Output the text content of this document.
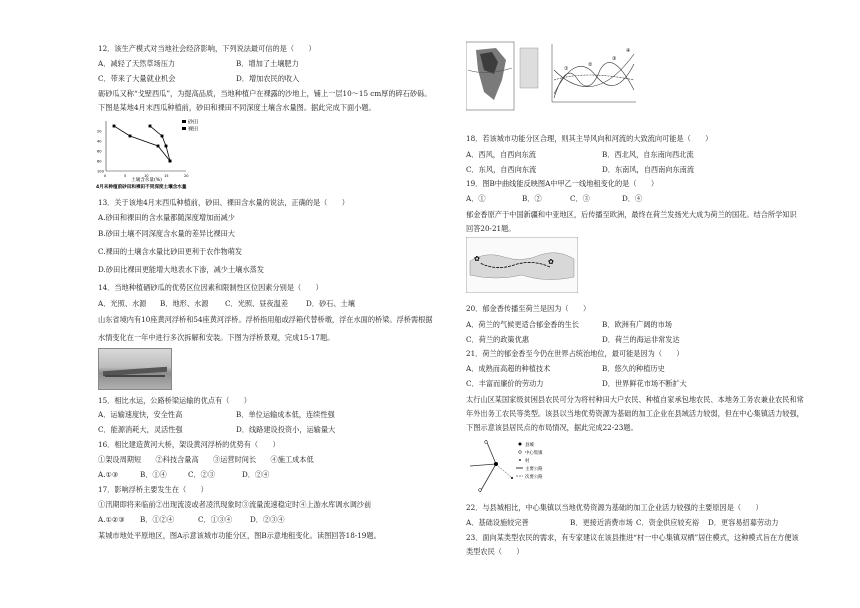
12．该生产模式对当地社会经济影响，下列说法最可信的是（　　）
A．减轻了天然草场压力	B．增加了土壤肥力
C．带来了大量就业机会	D．增加农民的收入
砺砂瓜又称“戈壁西瓜”，为提高品质，当地种植户在裸露的沙地上，铺上一层10～15 cm厚的碎石砂砾。
下图是某地4月末西瓜种植前，砂田和裸田不同深度土壤含水量图。据此完成下面小题。
20
40
60
80
100
0	5	10	15	20
砂田
裸田
土壤含水量(%)
4月末种植前砂田和裸田不同深度土壤含水量
13．关于该地4月末西瓜种植前，砂田、裸田含水量的说法，正确的是（　　）
A.砂田和裸田的含水量都随深度增加而减少
B.砂田土壤不同深度含水量的差异比裸田大
C.裸田的土壤含水量比砂田更利于农作物萌发
D.砂田比裸田更能增大地表水下渗，减少土壤水蒸发
14．当地种植硒砂瓜的优势区位因素和限制性区位因素分别是（　　）
A．光照、水源 B．地形、水源 C．光照、昼夜温差 D．砂石、土壤
山东省境内有10座黄河浮桥和54座黄河浮桥。浮桥指用船或浮箱代替桥墩，浮在水面的桥梁。浮桥需根据
水情变化在一年中进行多次拆解和安装。下图为浮桥景观，完成15-17题。
15．相比水运，公路桥梁运输的优点有（　　）
A．运输速度快，安全性高	B．单位运输成本低，连续性强
C．能源消耗大，灵活性强	D．线路建设投资小，运输量大
16．相比建造黄河大桥，架设黄河浮桥的优势有（　　）
①架设周期短　　②科技含量高　　③运营时间长　　④施工成本低
A.①③	B．①④	C．②③	D．②④
17．影响浮桥主要发生在（　　）
①汛期即将来临前②出现流凌或者凌汛现象时③流量流速稳定时④上游水库调水调沙前
A.①②③ B．①②④	C．①③④ D．②③④
某城市地处平原地区，图A示意该城市功能分区，图B示意地租变化。读图回答18-19题。
①
②
③
④
18．若该城市功能分区合理，则其主导风向和河流的大致流向可能是（　　）
A．西风，自西向东流	B．西北风，自东南向西北流
C．东风，自西向东流	D．东南风，自西南向东南流
19．图B中曲线能反映图A中甲乙一线地租变化的是（　　）
A．①	B．②	C．③	D．④
郁金香原产于中国新疆和中亚地区，后传播至欧洲，最终在荷兰发扬光大成为荷兰的国花。结合所学知识
回答20-21题。
✿
✿
20．郁金香传播至荷兰是因为（　　）
A．荷兰的气候更适合郁金香的生长	B．欧洲有广阔的市场
C．荷兰的政策优惠	D．荷兰的海运非常发达
21．荷兰的郁金香至今仍在世界占统治地位，最可能是因为（　　）
A．成熟而高超的种植技术	B．悠久的种植历史
C．丰富而廉价的劳动力	D．世界鲜花市场不断扩大
太行山区某国家级贫困县农民可分为将村种田大户农民、种植自家承包地农民、本地务工务农兼业农民和常
年外出务工农民等类型。该县以当地优势资源为基础的加工企业在县域活力较弱，但在中心集镇活力较强，
下图示意该县居民点的布局情况，据此完成22-23题。
县城
中心集镇
村
主要公路
次要公路
22．与县城相比，中心集镇以当地优势资源为基础的加工企业活力较强的主要原因是（　　）
A．基础设施较完善	B．更接近消费市场 C．资金供应较充裕 D．更容易招募劳动力
23．面向某类型农民的需求，有专家建议在该县推进“村一中心集镇双栖”居住模式，这种模式旨在方便该
类型农民（　　）
